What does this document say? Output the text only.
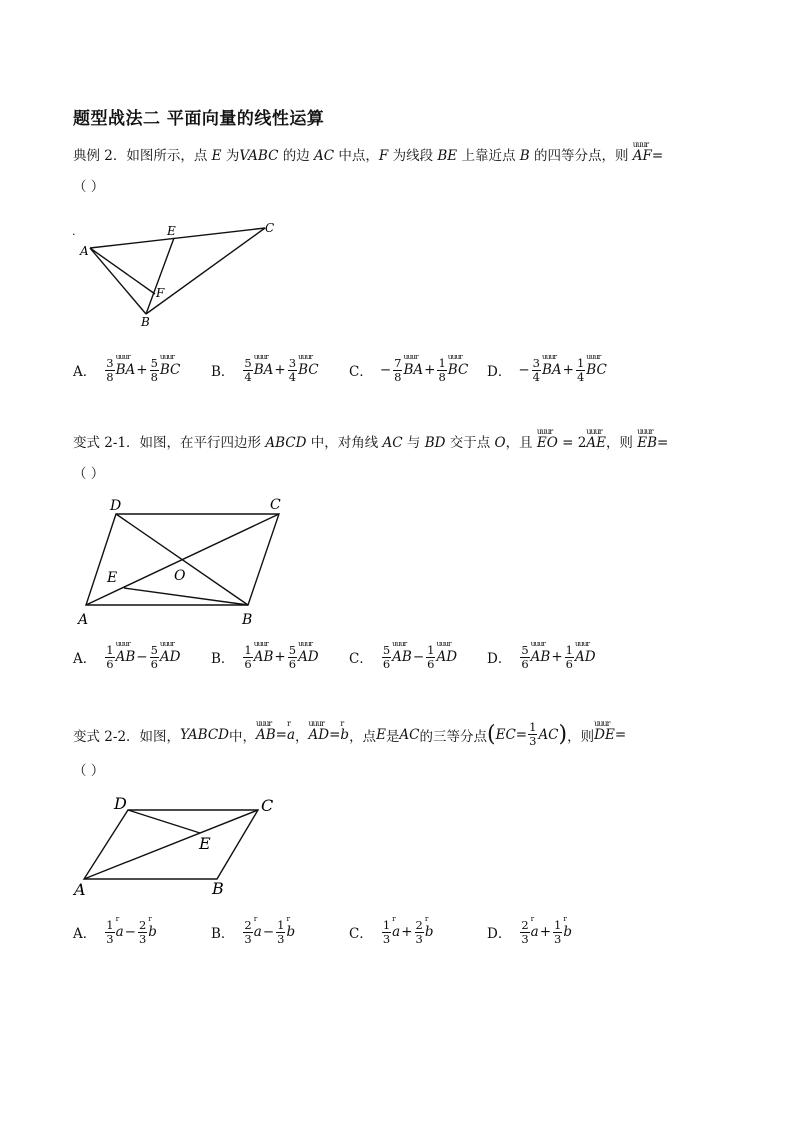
题型战法二 平面向量的线性运算
典例 2．如图所示，点 E 为VABC 的边 AC 中点，F 为线段 BE 上靠近点 B 的四等分点，则
uuur
AF=
（ ）
.
A
E	C
F
B
A． $\frac{3}{8}$ uuur
BA + $\frac{5}{8}$ uuur
BC B． $\frac{5}{4}$ uuur
BA + $\frac{3}{4}$ uuur
BC C． − $\frac{7}{8}$ uuur
BA + $\frac{1}{8}$ uuur
BC D． − $\frac{3}{4}$ uuur
BA + $\frac{1}{4}$ uuur
BC
变式 2-1．如图，在平行四边形 ABCD 中，对角线 AC 与 BD 交于点 O，且
uuur
EO = 2
uuur
AE，则
uuur
EB=
（ ）
D	C
E	O
A	B
A． $\frac{1}{6}$ uuur
AB − $\frac{5}{6}$ uuur
AD B． $\frac{1}{6}$ uuur
AB + $\frac{5}{6}$ uuur
AD C． $\frac{5}{6}$ uuur
AB − $\frac{1}{6}$ uuur
AD D． $\frac{5}{6}$ uuur
AB + $\frac{1}{6}$ uuur
AD
变式 2-2．如图， YABCD 中，
uuur
AB =
r
a ，
uuur
AD =
r
b ，点 E 是 AC 的三等分点 ( EC = $\frac{1}{3}$ AC ) ，则
uuur
DE =
（ ）
D	C
E
A	B
A． $\frac{1}{3}$ r
$a - \frac{2}{3}$ r
b	B． $\frac{2}{3}$ r
$a - \frac{1}{3}$ r
b	C． $\frac{1}{3}$ r
$a + \frac{2}{3}$ r
b	D． $\frac{2}{3}$ r
$a + \frac{1}{3}$ r
b
